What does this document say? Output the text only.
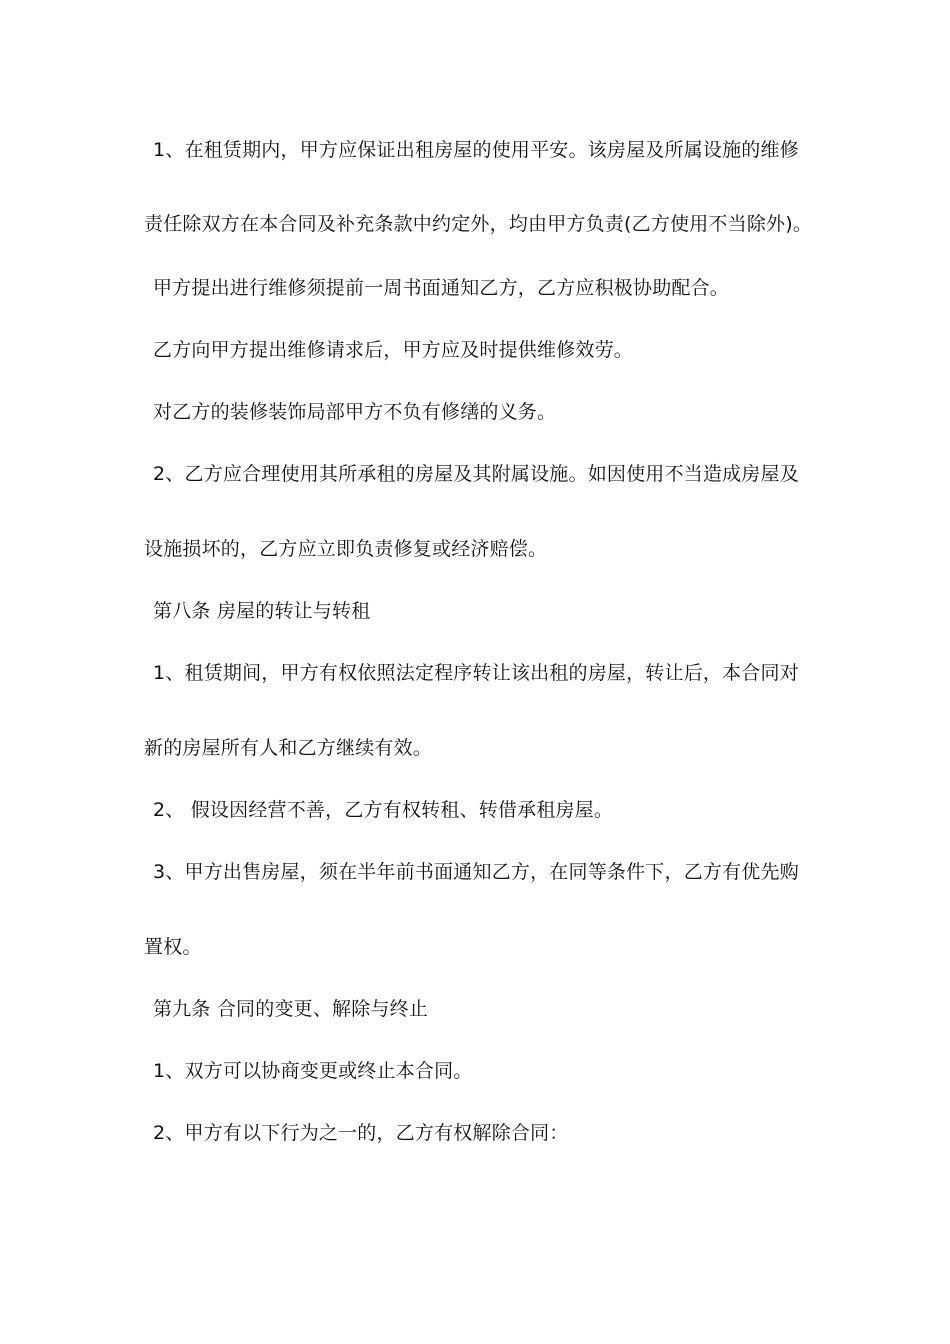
1、在租赁期内，甲方应保证出租房屋的使用平安。该房屋及所属设施的维修
责任除双方在本合同及补充条款中约定外，均由甲方负责(乙方使用不当除外)。
甲方提出进行维修须提前一周书面通知乙方，乙方应积极协助配合。
乙方向甲方提出维修请求后，甲方应及时提供维修效劳。
对乙方的装修装饰局部甲方不负有修缮的义务。
2、乙方应合理使用其所承租的房屋及其附属设施。如因使用不当造成房屋及
设施损坏的，乙方应立即负责修复或经济赔偿。
第八条 房屋的转让与转租
1、租赁期间，甲方有权依照法定程序转让该出租的房屋，转让后，本合同对
新的房屋所有人和乙方继续有效。
2、 假设因经营不善，乙方有权转租、转借承租房屋。
3、甲方出售房屋，须在半年前书面通知乙方，在同等条件下，乙方有优先购
置权。
第九条 合同的变更、解除与终止
1、双方可以协商变更或终止本合同。
2、甲方有以下行为之一的，乙方有权解除合同：
